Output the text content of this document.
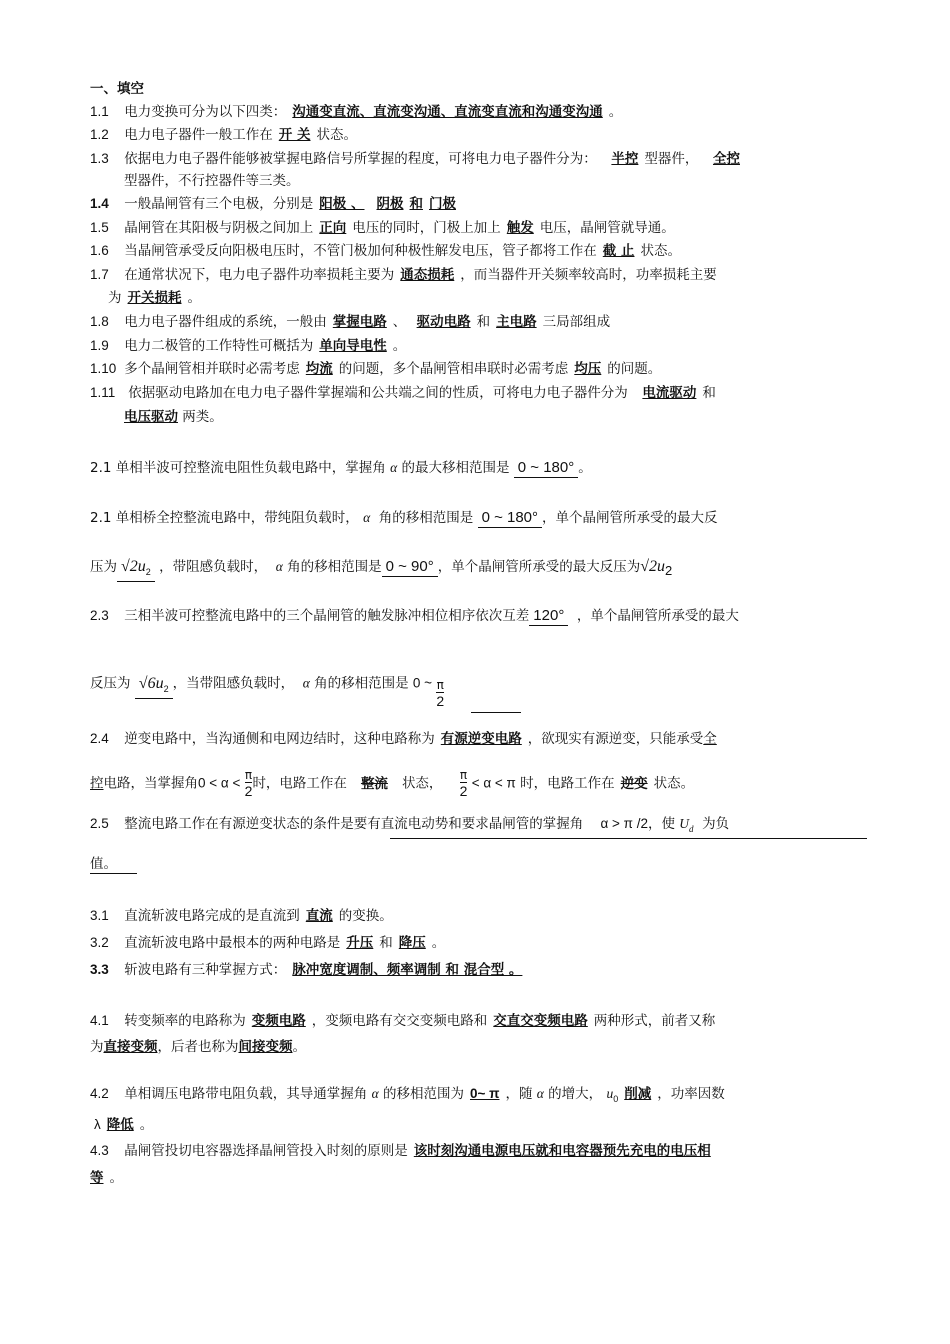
一、填空
1.1 电力变换可分为以下四类： 沟通变直流、直流变沟通、直流变直流和沟通变沟通 。
1.2 电力电子器件一般工作在 开 关 状态。
1.3 依据电力电子器件能够被掌握电路信号所掌握的程度，可将电力电子器件分为： 半控 型器件， 全控
型器件，不行控器件等三类。
1.4 一般晶闸管有三个电极，分别是 阳极 、 阴极 和 门极
1.5 晶闸管在其阳极与阴极之间加上 正向 电压的同时，门极上加上 触发 电压，晶闸管就导通。
1.6 当晶闸管承受反向阳极电压时，不管门极加何种极性解发电压，管子都将工作在 截 止 状态。
1.7 在通常状况下，电力电子器件功率损耗主要为 通态损耗 ，而当器件开关频率较高时，功率损耗主要
为 开关损耗 。
1.8 电力电子器件组成的系统，一般由 掌握电路 、 驱动电路 和 主电路 三局部组成
1.9 电力二极管的工作特性可概括为 单向导电性 。
1.10 多个晶闸管相并联时必需考虑 均流 的问题，多个晶闸管相串联时必需考虑 均压 的问题。
1.11 依据驱动电路加在电力电子器件掌握端和公共端之间的性质，可将电力电子器件分为 电流驱动 和
电压驱动 两类。
2.1 单相半波可控整流电阻性负载电路中，掌握角 α 的最大移相范围是 0 ~ 180° 。
2.1 单相桥全控整流电路中，带纯阻负载时， α 角的移相范围是 0 ~ 180° ，单个晶闸管所承受的最大反
压为 $√2u_2$ ，带阻感负载时， α 角的移相范围是 0 ~ 90° ，单个晶闸管所承受的最大反压为$√2u_2$
2.3 三相半波可控整流电路中的三个晶闸管的触发脉冲相位相序依次互差 120° ，单个晶闸管所承受的最大
反压为 $√6u_2$ ，当带阻感负载时， α 角的移相范围是 0 ~ $\frac{\pi}{2}$
2.4 逆变电路中，当沟通侧和电网边结时，这种电路称为 有源逆变电路 ，欲现实有源逆变，只能承受全
控电路，当掌握角$0 < \alpha < \frac{\pi}{2}$ 时，电路工作在 整流 状态， $\frac{\pi}{2} < \alpha < \pi$ 时，电路工作在 逆变 状态。
2.5 整流电路工作在有源逆变状态的条件是要有直流电动势和要求晶闸管的掌握角 α > π /2，使 $U_d$ 为负
值。
3.1 直流斩波电路完成的是直流到 直流 的变换。
3.2 直流斩波电路中最根本的两种电路是 升压 和 降压 。
3.3 斩波电路有三种掌握方式： 脉冲宽度调制、频率调制 和 混合型 。
4.1 转变频率的电路称为 变频电路 ，变频电路有交交变频电路和 交直交变频电路 两种形式，前者又称
为直接变频，后者也称为间接变频。
4.2 单相调压电路带电阻负载，其导通掌握角 α 的移相范围为 0~ π ，随 α 的增大， $u_0$ 削减 ，功率因数
λ 降低 。
4.3 晶闸管投切电容器选择晶闸管投入时刻的原则是 该时刻沟通电源电压就和电容器预先充电的电压相
等 。
